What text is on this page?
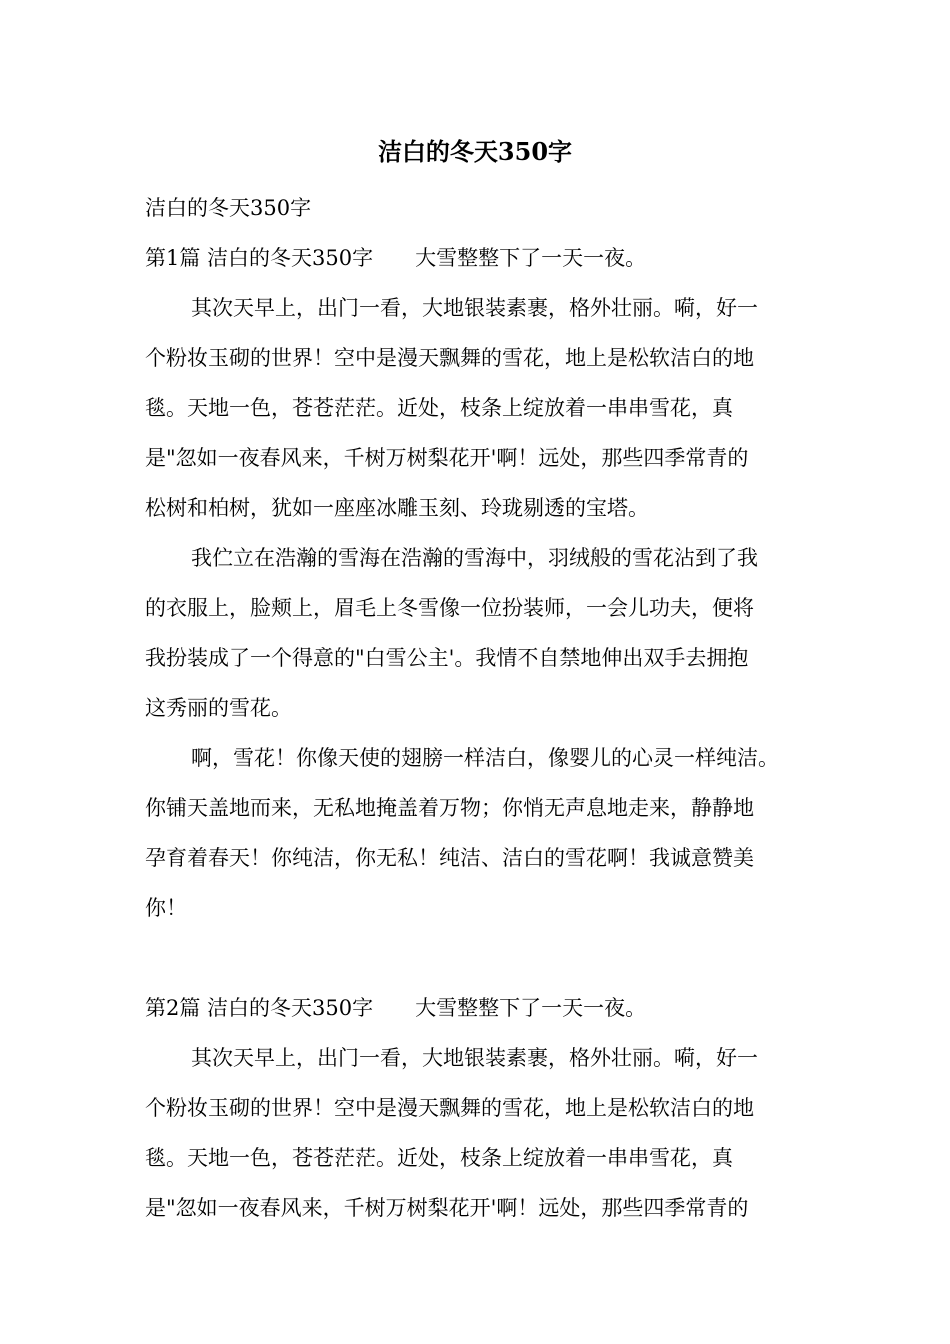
洁白的冬天350字
洁白的冬天350字
第1篇 洁白的冬天350字 大雪整整下了一天一夜。
其次天早上，出门一看，大地银装素裹，格外壮丽。嗬，好一
个粉妆玉砌的世界！空中是漫天飘舞的雪花，地上是松软洁白的地
毯。天地一色，苍苍茫茫。近处，枝条上绽放着一串串雪花，真
是"忽如一夜春风来，千树万树梨花开'啊！远处，那些四季常青的
松树和柏树，犹如一座座冰雕玉刻、玲珑剔透的宝塔。
我伫立在浩瀚的雪海在浩瀚的雪海中，羽绒般的雪花沾到了我
的衣服上，脸颊上，眉毛上冬雪像一位扮装师，一会儿功夫，便将
我扮装成了一个得意的"白雪公主'。我情不自禁地伸出双手去拥抱
这秀丽的雪花。
啊，雪花！你像天使的翅膀一样洁白，像婴儿的心灵一样纯洁。
你铺天盖地而来，无私地掩盖着万物；你悄无声息地走来，静静地
孕育着春天！你纯洁，你无私！纯洁、洁白的雪花啊！我诚意赞美
你！
第2篇 洁白的冬天350字 大雪整整下了一天一夜。
其次天早上，出门一看，大地银装素裹，格外壮丽。嗬，好一
个粉妆玉砌的世界！空中是漫天飘舞的雪花，地上是松软洁白的地
毯。天地一色，苍苍茫茫。近处，枝条上绽放着一串串雪花，真
是"忽如一夜春风来，千树万树梨花开'啊！远处，那些四季常青的
